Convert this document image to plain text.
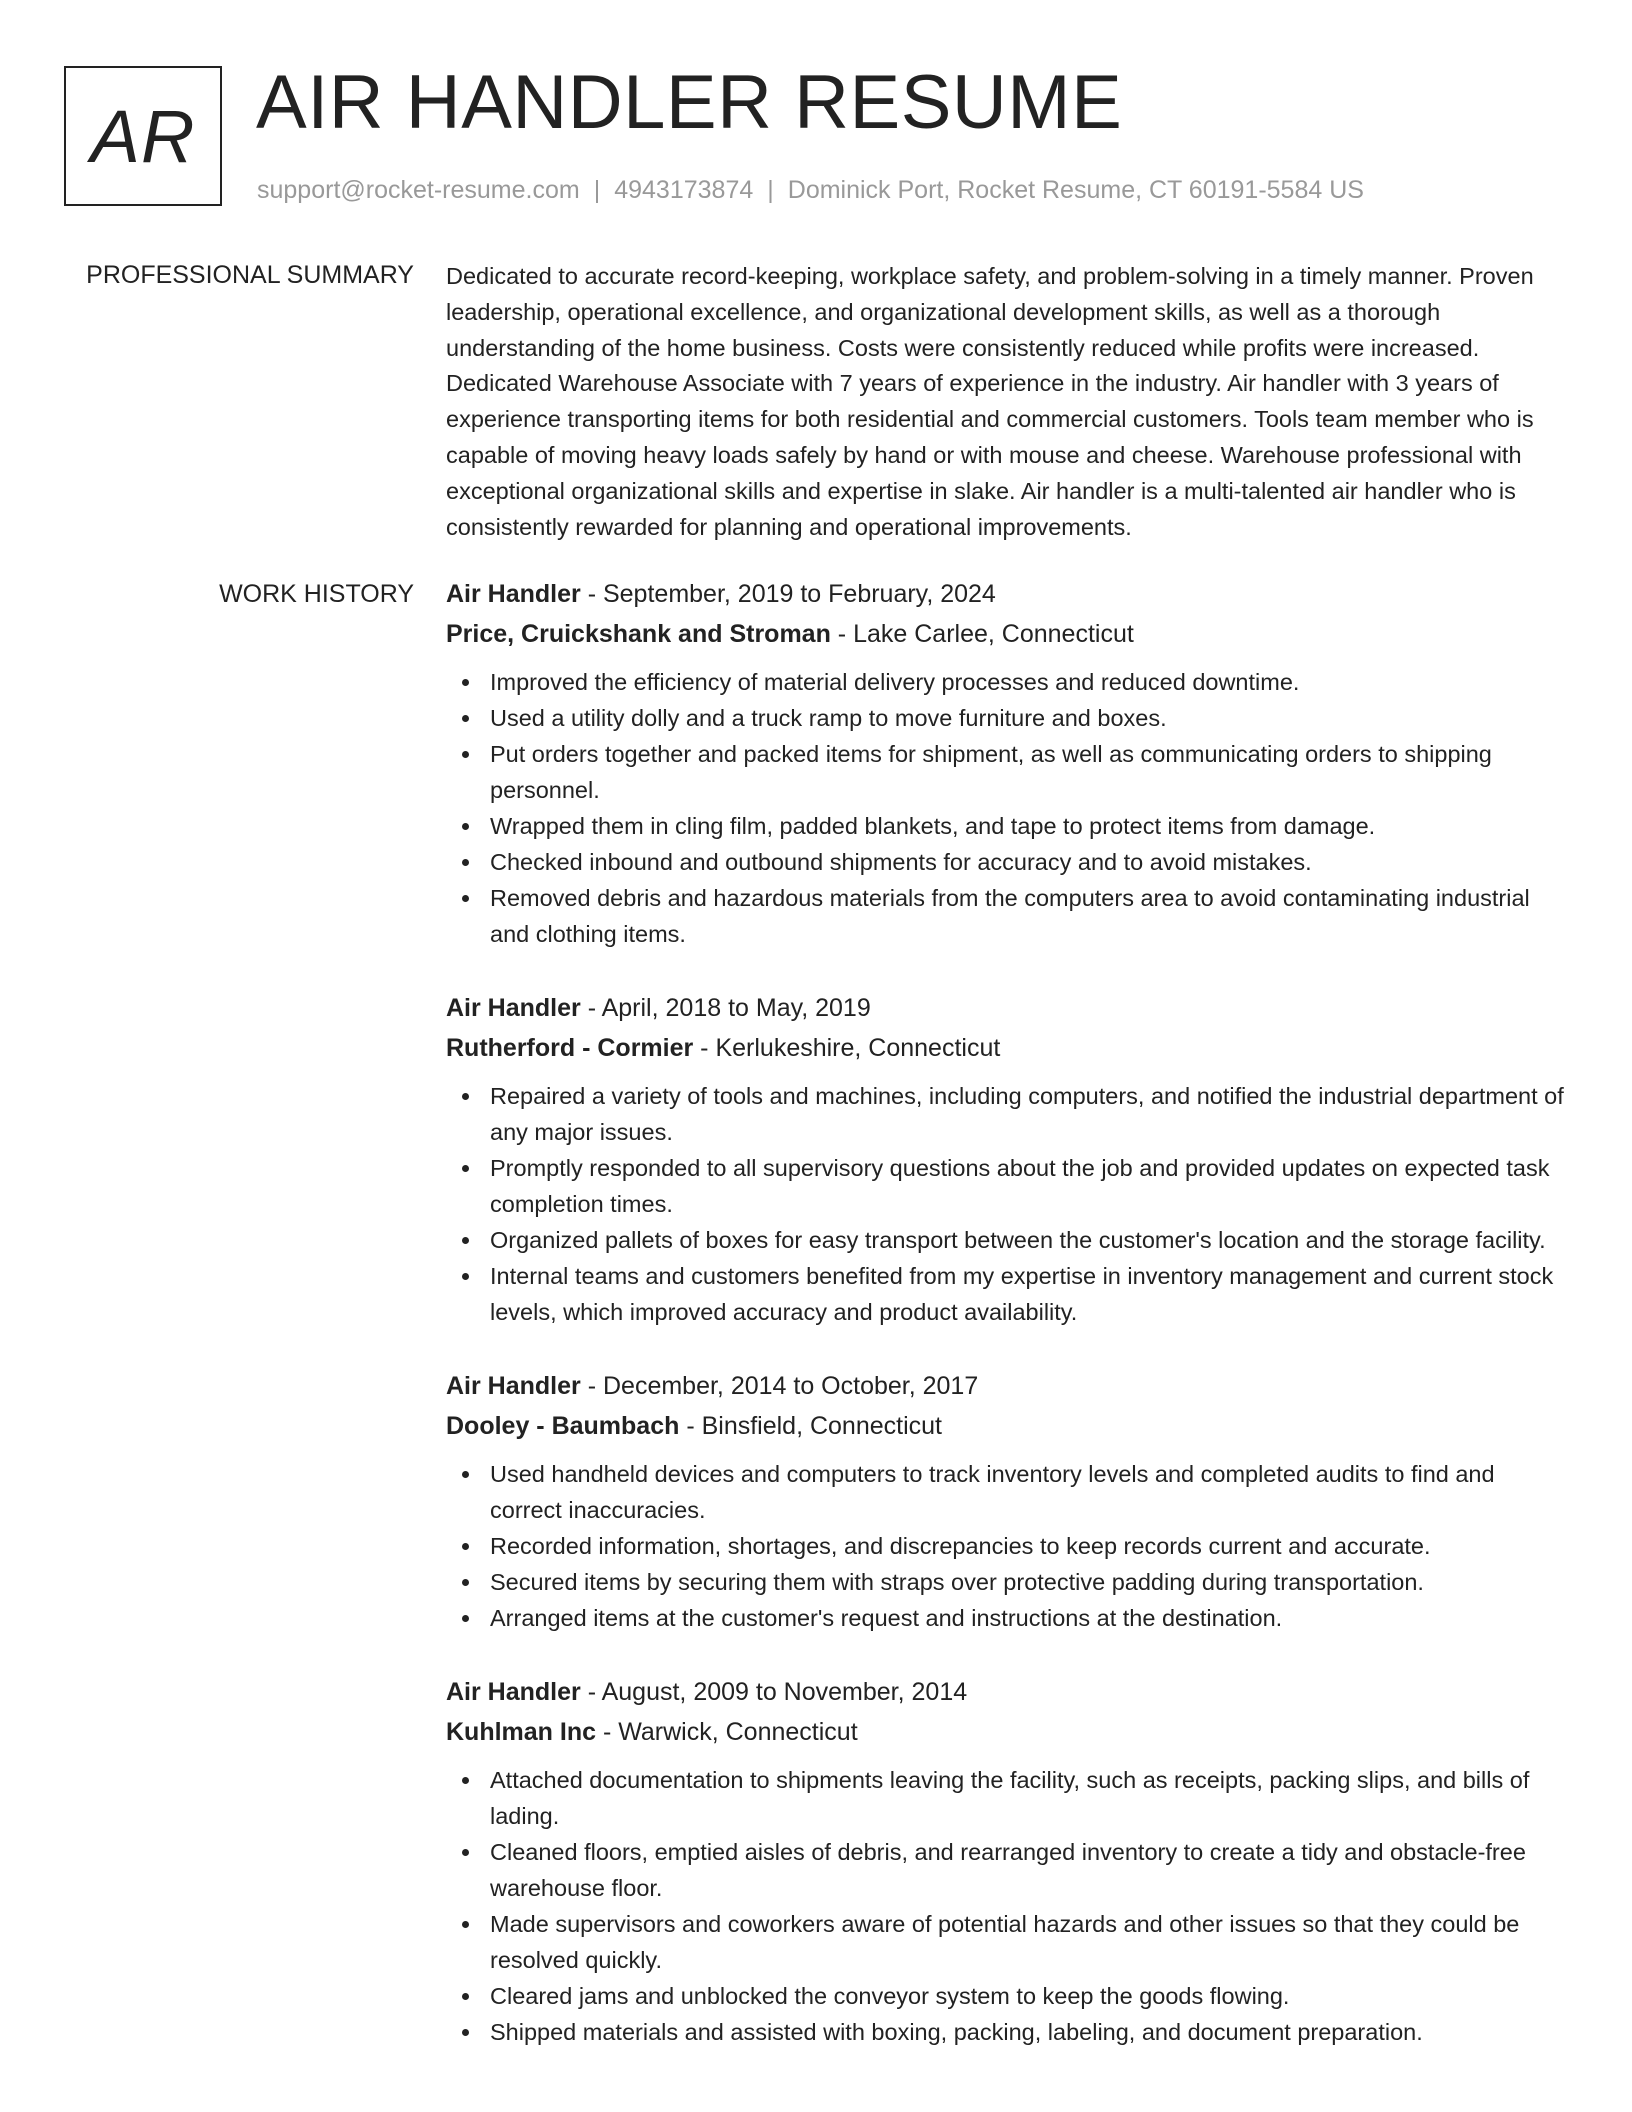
AR AIR HANDLER RESUME
support@rocket-resume.com | 4943173874 | Dominick Port, Rocket Resume, CT 60191-5584 US
PROFESSIONAL SUMMARY Dedicated to accurate record-keeping, workplace safety, and problem-solving in a timely manner. Proven leadership, operational excellence, and organizational development skills, as well as a thorough understanding of the home business. Costs were consistently reduced while profits were increased. Dedicated Warehouse Associate with 7 years of experience in the industry. Air handler with 3 years of experience transporting items for both residential and commercial customers. Tools team member who is capable of moving heavy loads safely by hand or with mouse and cheese. Warehouse professional with exceptional organizational skills and expertise in slake. Air handler is a multi-talented air handler who is consistently rewarded for planning and operational improvements.

WORK HISTORY Air Handler - September, 2019 to February, 2024
Price, Cruickshank and Stroman - Lake Carlee, Connecticut
Improved the efficiency of material delivery processes and reduced downtime.
Used a utility dolly and a truck ramp to move furniture and boxes.
Put orders together and packed items for shipment, as well as communicating orders to shipping personnel.
Wrapped them in cling film, padded blankets, and tape to protect items from damage.
Checked inbound and outbound shipments for accuracy and to avoid mistakes.
Removed debris and hazardous materials from the computers area to avoid contaminating industrial and clothing items.
Air Handler - April, 2018 to May, 2019
Rutherford - Cormier - Kerlukeshire, Connecticut
Repaired a variety of tools and machines, including computers, and notified the industrial department of any major issues.
Promptly responded to all supervisory questions about the job and provided updates on expected task completion times.
Organized pallets of boxes for easy transport between the customer's location and the storage facility.
Internal teams and customers benefited from my expertise in inventory management and current stock levels, which improved accuracy and product availability.
Air Handler - December, 2014 to October, 2017
Dooley - Baumbach - Binsfield, Connecticut
Used handheld devices and computers to track inventory levels and completed audits to find and correct inaccuracies.
Recorded information, shortages, and discrepancies to keep records current and accurate.
Secured items by securing them with straps over protective padding during transportation.
Arranged items at the customer's request and instructions at the destination.
Air Handler - August, 2009 to November, 2014
Kuhlman Inc - Warwick, Connecticut
Attached documentation to shipments leaving the facility, such as receipts, packing slips, and bills of lading.
Cleaned floors, emptied aisles of debris, and rearranged inventory to create a tidy and obstacle-free warehouse floor.
Made supervisors and coworkers aware of potential hazards and other issues so that they could be resolved quickly.
Cleared jams and unblocked the conveyor system to keep the goods flowing.
Shipped materials and assisted with boxing, packing, labeling, and document preparation.
